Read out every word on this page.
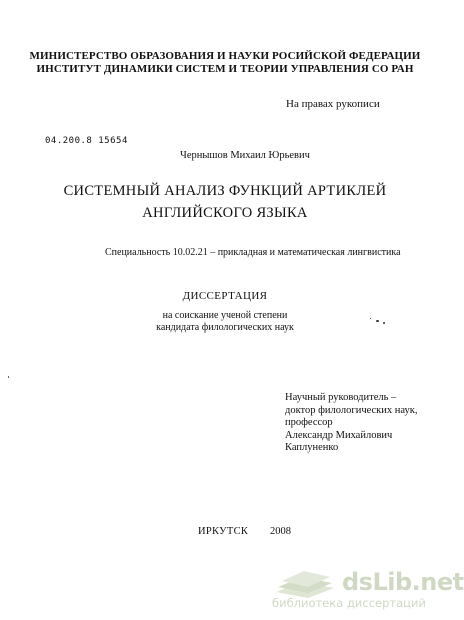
МИНИСТЕРСТВО ОБРАЗОВАНИЯ И НАУКИ РОСИЙСКОЙ ФЕДЕРАЦИИ
ИНСТИТУТ ДИНАМИКИ СИСТЕМ И ТЕОРИИ УПРАВЛЕНИЯ СО РАН
На правах рукописи
04.200.8 15654
Чернышов Михаил Юрьевич
СИСТЕМНЫЙ АНАЛИЗ ФУНКЦИЙ АРТИКЛЕЙ
АНГЛИЙСКОГО ЯЗЫКА
Специальность 10.02.21 – прикладная и математическая лингвистика
ДИССЕРТАЦИЯ
на соискание ученой степени
кандидата филологических наук
Научный руководитель –
доктор филологических наук,
профессор
Александр Михайлович
Каплуненко
ИРКУТСК 2008
dsLib.net
библиотека диссертаций
